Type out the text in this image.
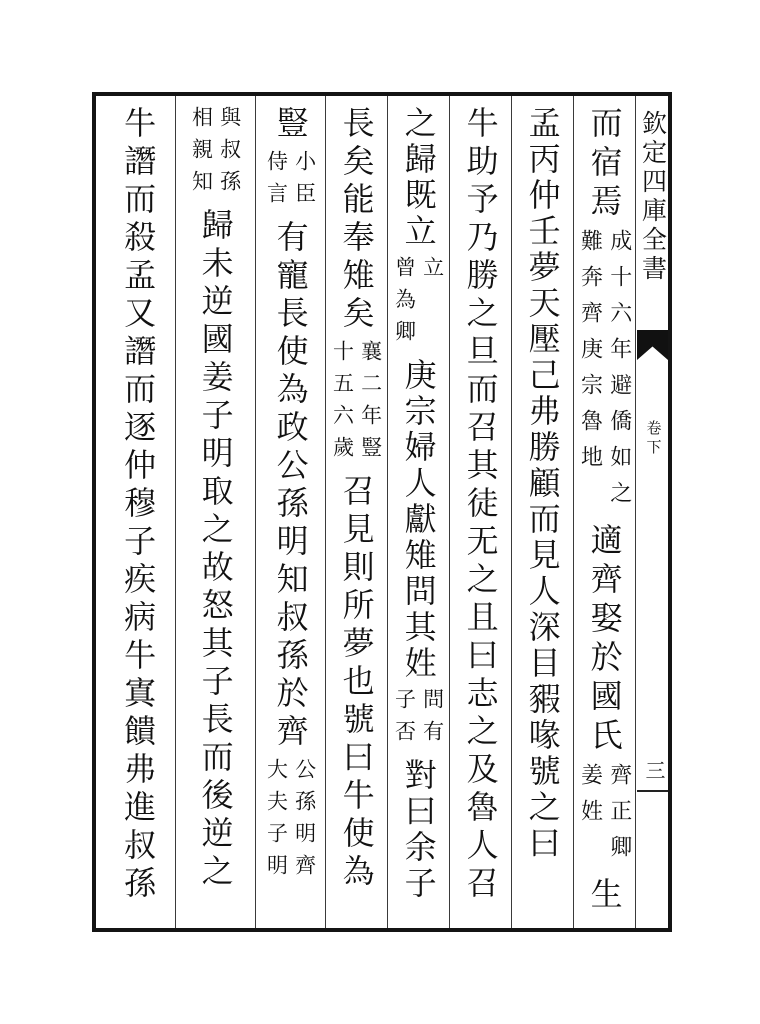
欽定四庫全書
卷下
三
而宿焉
成十六年避僑如之
難奔齊庚宗魯地
適齊娶於國氏
齊正卿
姜姓
生
孟丙仲壬夢天壓己弗勝顧而見人深目豭喙號之曰
牛助予乃勝之旦而召其徒无之且曰志之及魯人召
之歸既立
立
曾為卿
庚宗婦人獻雉問其姓
問有
子否
對曰余子
長矣能奉雉矣
襄二年豎
十五六歲
召見則所夢也號曰牛使為
豎
小臣
侍言
有寵長使為政公孫明知叔孫於齊
公孫明齊
大夫子明
與叔孫
相親知
歸未逆國姜子明取之故怒其子長而後逆之
牛譖而殺孟又譖而逐仲穆子疾病牛寘饋弗進叔孫
